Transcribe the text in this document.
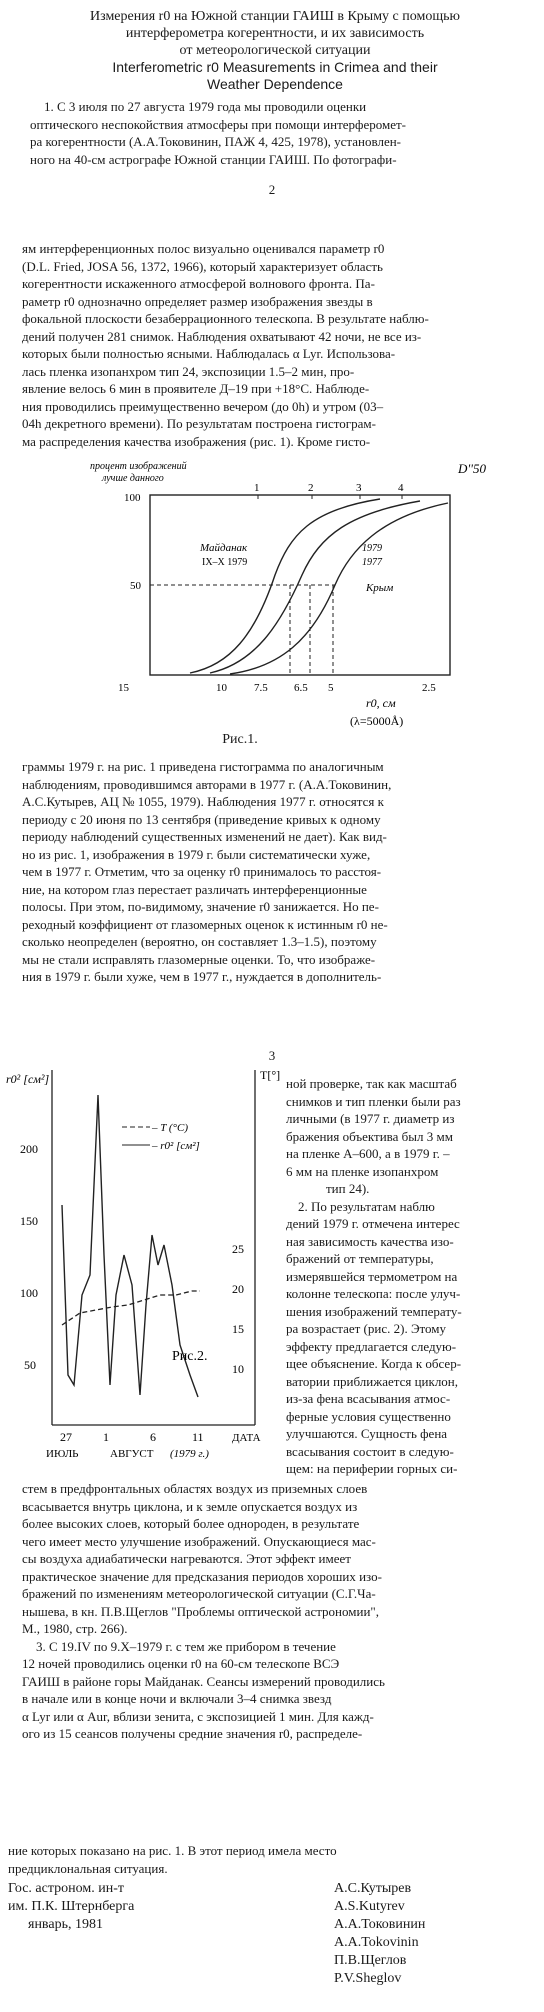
Измерения r0 на Южной станции ГАИШ в Крыму с помощью
интерферометра когерентности, и их зависимость
от метеорологической ситуации
Interferometric r0 Measurements in Crimea and their
Weather Dependence
1. С 3 июля по 27 августа 1979 года мы проводили оценки
оптического неспокойствия атмосферы при помощи интерферомет-
ра когерентности (А.А.Токовинин, ПАЖ 4, 425, 1978), установлен-
ного на 40-см астрографе Южной станции ГАИШ. По фотографи-
2
ям интерференционных полос визуально оценивался параметр r0
(D.L. Fried, JOSA 56, 1372, 1966), который характеризует область
когерентности искаженного атмосферой волнового фронта. Па-
раметр r0 однозначно определяет размер изображения звезды в
фокальной плоскости безаберрационного телескопа. В результате наблю-
дений получен 281 снимок. Наблюдения охватывают 42 ночи, не все из-
которых были полностью ясными. Наблюдалась α Lyr. Использова-
лась пленка изопанхром тип 24, экспозиции 1.5–2 мин, про-
явление велось 6 мин в проявителе Д–19 при +18°С. Наблюде-
ния проводились преимущественно вечером (до 0h) и утром (03–
04h декретного времени). По результатам построена гистограм-
ма распределения качества изображения (рис. 1). Кроме гисто-
процент изображений
лучше данного
D''50
1	2	3	4
100
50
Майданак
IX–X 1979
1979
1977
Крым
15	10 7.5 6.5 5	2.5
r0, см
(λ=5000Å)
Рис.1.
граммы 1979 г. на рис. 1 приведена гистограмма по аналогичным
наблюдениям, проводившимся авторами в 1977 г. (А.А.Токовинин,
А.С.Кутырев, АЦ № 1055, 1979). Наблюдения 1977 г. относятся к
периоду с 20 июня по 13 сентября (приведение кривых к одному
периоду наблюдений существенных изменений не дает). Как вид-
но из рис. 1, изображения в 1979 г. были систематически хуже,
чем в 1977 г. Отметим, что за оценку r0 принималось то расстоя-
ние, на котором глаз перестает различать интерференционные
полосы. При этом, по-видимому, значение r0 занижается. Но пе-
реходный коэффициент от глазомерных оценок к истинным r0 не-
сколько неопределен (вероятно, он составляет 1.3–1.5), поэтому
мы не стали исправлять глазомерные оценки. То, что изображе-
ния в 1979 г. были хуже, чем в 1977 г., нуждается в дополнитель-
3
r0² [см²]	T[°]
200
150
100
50
25
20
15
10
– T (°С)
– r0² [см²]
27	1	6	11
ИЮЛЬ	АВГУСТ (1979 г.)
ДАТА
Рис.2.
ной проверке, так как масштаб
снимков и тип пленки были раз
личными (в 1977 г. диаметр из
бражения объектива был 3 мм
на пленке А–600, а в 1979 г. –
6 мм на пленке изопанхром
тип 24).
2. По результатам наблю
дений 1979 г. отмечена интерес
ная зависимость качества изо-
бражений от температуры,
измерявшейся термометром на
колонне телескопа: после улуч-
шения изображений температу-
ра возрастает (рис. 2). Этому
эффекту предлагается следую-
щее объяснение. Когда к обсер-
ватории приближается циклон,
из-за фена всасывания атмос-
ферные условия существенно
улучшаются. Сущность фена
всасывания состоит в следую-
щем: на периферии горных си-
стем в предфронтальных областях воздух из приземных слоев
всасывается внутрь циклона, и к земле опускается воздух из
более высоких слоев, который более однороден, в результате
чего имеет место улучшение изображений. Опускающиеся мас-
сы воздуха адиабатически нагреваются. Этот эффект имеет
практическое значение для предсказания периодов хороших изо-
бражений по изменениям метеорологической ситуации (С.Г.Ча-
нышева, в кн. П.В.Щеглов "Проблемы оптической астрономии",
М., 1980, стр. 266).
3. С 19.IV по 9.X–1979 г. с тем же прибором в течение
12 ночей проводились оценки r0 на 60-см телескопе ВСЭ
ГАИШ в районе горы Майданак. Сеансы измерений проводились
в начале или в конце ночи и включали 3–4 снимка звезд
α Lyr или α Aur, вблизи зенита, с экспозицией 1 мин. Для кажд-
ого из 15 сеансов получены средние значения r0, распределе-
ние которых показано на рис. 1. В этот период имела место
предциклональная ситуация.
Гос. астроном. ин-т
им. П.К. Штернберга
январь, 1981
А.С.Кутырев
A.S.Kutyrev
А.А.Токовинин
A.A.Tokovinin
П.В.Щеглов
P.V.Sheglov
